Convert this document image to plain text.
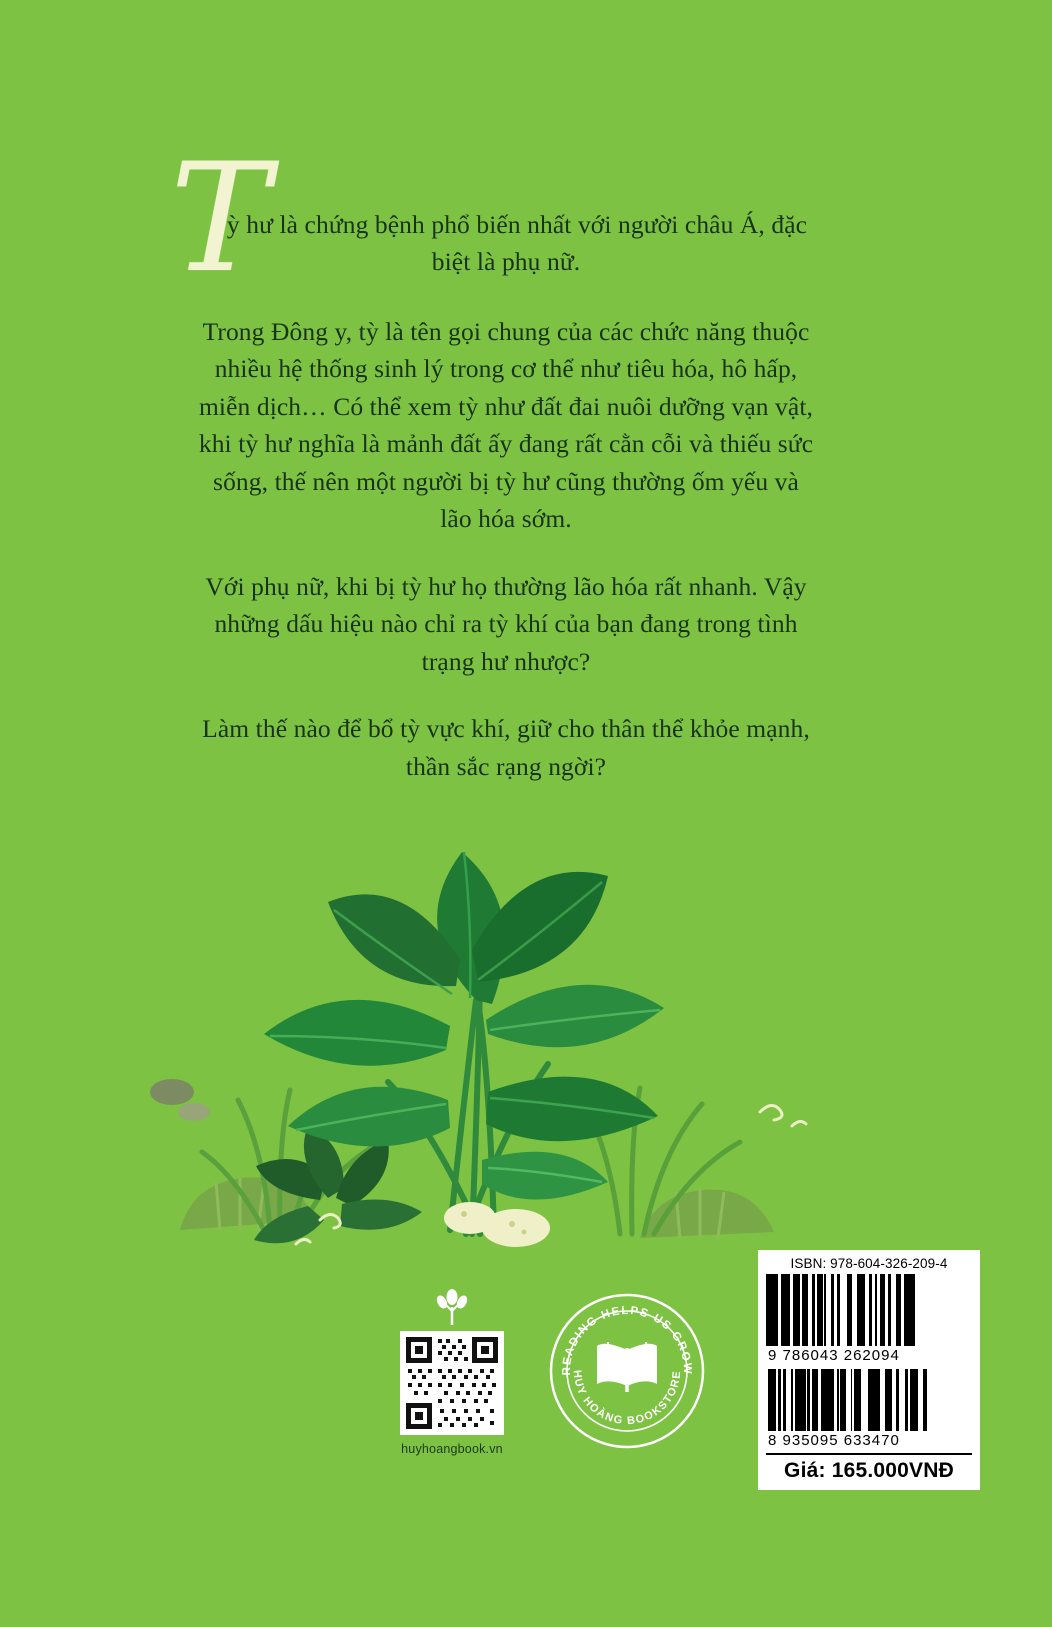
T

ỳ hư là chứng bệnh phổ biến nhất với người châu Á, đặc biệt là phụ nữ.

Trong Đông y, tỳ là tên gọi chung của các chức năng thuộc nhiều hệ thống sinh lý trong cơ thể như tiêu hóa, hô hấp, miễn dịch… Có thể xem tỳ như đất đai nuôi dưỡng vạn vật, khi tỳ hư nghĩa là mảnh đất ấy đang rất cằn cỗi và thiếu sức sống, thế nên một người bị tỳ hư cũng thường ốm yếu và lão hóa sớm.

Với phụ nữ, khi bị tỳ hư họ thường lão hóa rất nhanh. Vậy những dấu hiệu nào chỉ ra tỳ khí của bạn đang trong tình trạng hư nhược?

Làm thế nào để bổ tỳ vực khí, giữ cho thân thể khỏe mạnh, thần sắc rạng ngời?

huyhoangbook.vn
READING HELPS US GROW
HUY HOÀNG BOOKSTORE
ISBN: 978-604-326-209-4
9 786043 262094
8 935095 633470
Giá: 165.000VNĐ
